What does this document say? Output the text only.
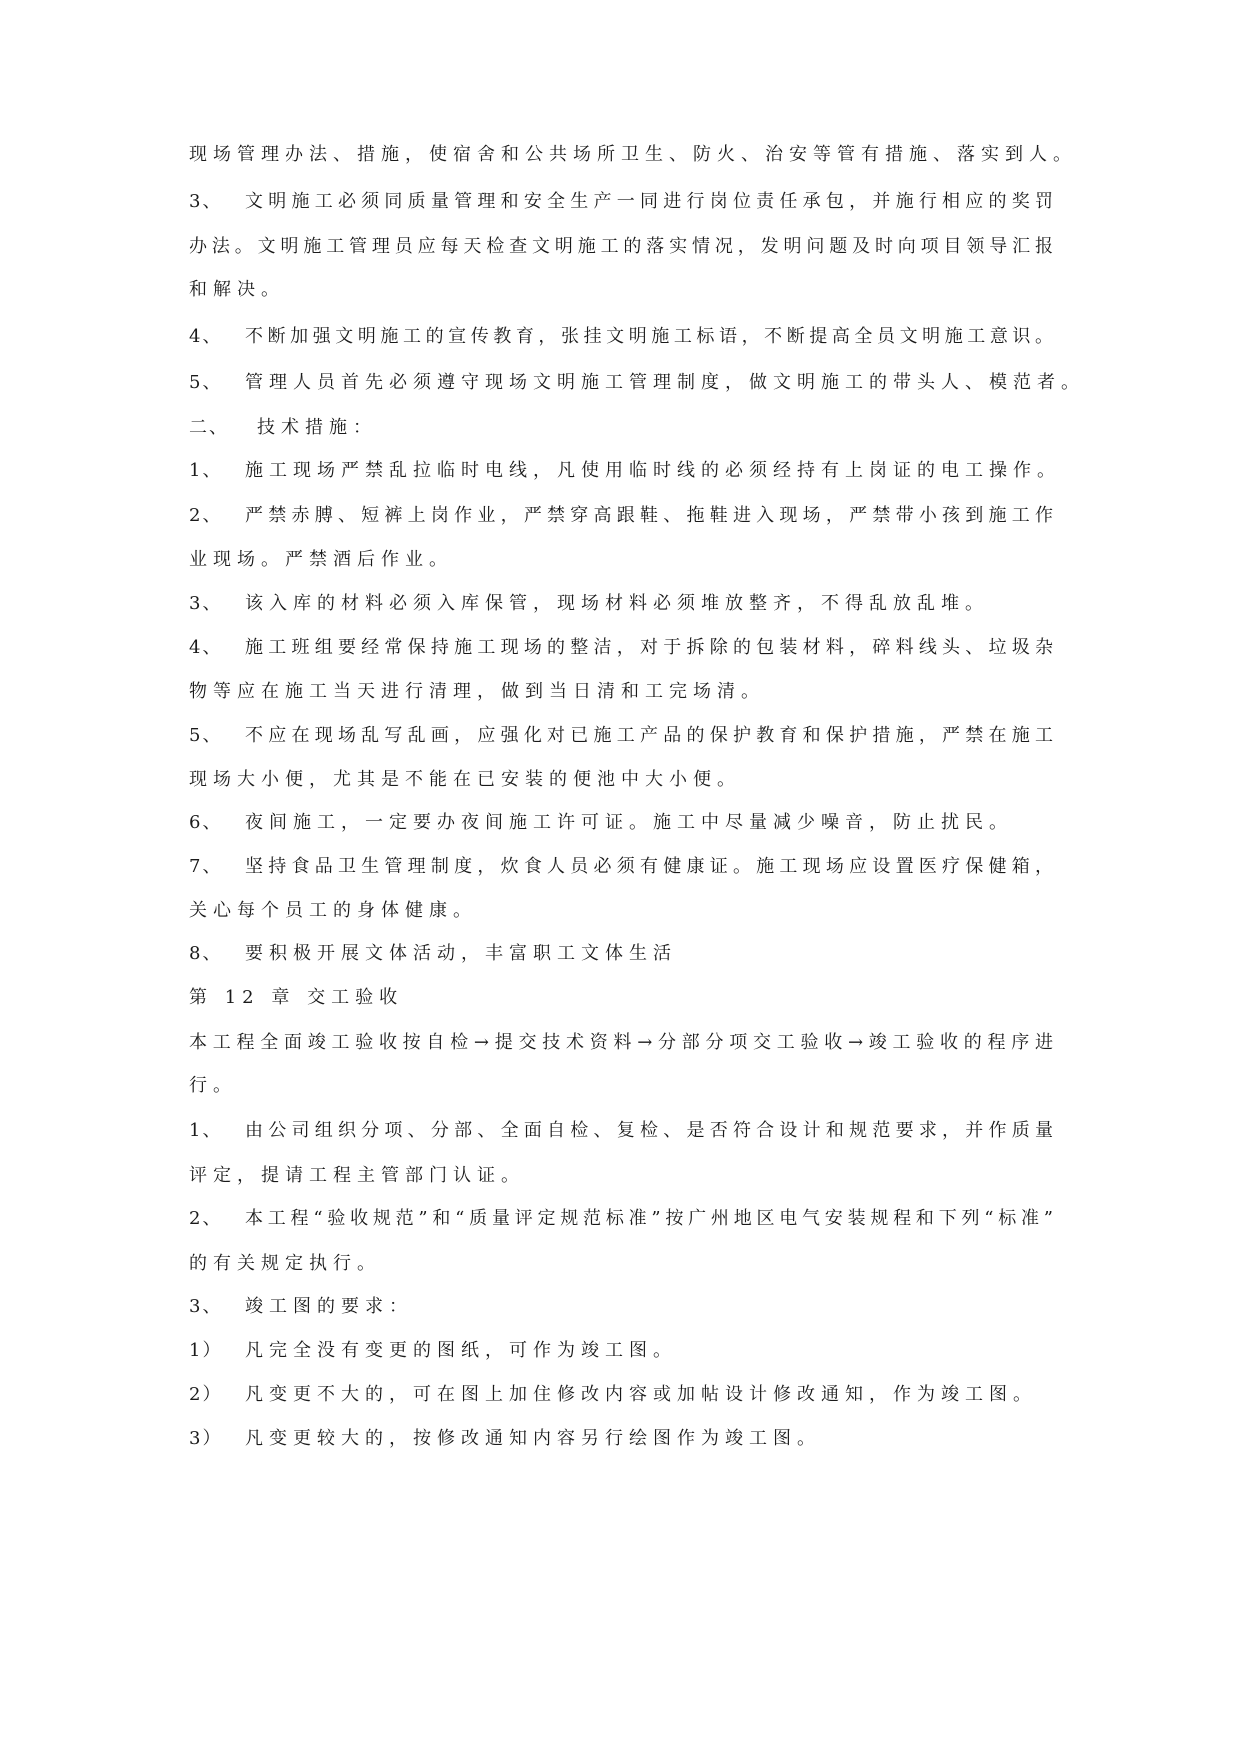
现场管理办法、措施，使宿舍和公共场所卫生、防火、治安等管有措施、落实到人。
3、 文明施工必须同质量管理和安全生产一同进行岗位责任承包，并施行相应的奖罚
办法。文明施工管理员应每天检查文明施工的落实情况，发明问题及时向项目领导汇报
和解决。
4、 不断加强文明施工的宣传教育，张挂文明施工标语，不断提高全员文明施工意识。
5、 管理人员首先必须遵守现场文明施工管理制度，做文明施工的带头人、模范者。
二、 技术措施：
1、 施工现场严禁乱拉临时电线，凡使用临时线的必须经持有上岗证的电工操作。
2、 严禁赤膊、短裤上岗作业，严禁穿高跟鞋、拖鞋进入现场，严禁带小孩到施工作
业现场。严禁酒后作业。
3、 该入库的材料必须入库保管，现场材料必须堆放整齐，不得乱放乱堆。
4、 施工班组要经常保持施工现场的整洁，对于拆除的包装材料，碎料线头、垃圾杂
物等应在施工当天进行清理，做到当日清和工完场清。
5、 不应在现场乱写乱画，应强化对已施工产品的保护教育和保护措施，严禁在施工
现场大小便，尤其是不能在已安装的便池中大小便。
6、 夜间施工，一定要办夜间施工许可证。施工中尽量减少噪音，防止扰民。
7、 坚持食品卫生管理制度，炊食人员必须有健康证。施工现场应设置医疗保健箱，
关心每个员工的身体健康。
8、 要积极开展文体活动，丰富职工文体生活
第 12 章 交工验收
本工程全面竣工验收按自检→提交技术资料→分部分项交工验收→竣工验收的程序进
行。
1、 由公司组织分项、分部、全面自检、复检、是否符合设计和规范要求，并作质量
评定，提请工程主管部门认证。
2、 本工程“验收规范”和“质量评定规范标准”按广州地区电气安装规程和下列“标准”
的有关规定执行。
3、 竣工图的要求：
1） 凡完全没有变更的图纸，可作为竣工图。
2） 凡变更不大的，可在图上加住修改内容或加帖设计修改通知，作为竣工图。
3） 凡变更较大的，按修改通知内容另行绘图作为竣工图。
